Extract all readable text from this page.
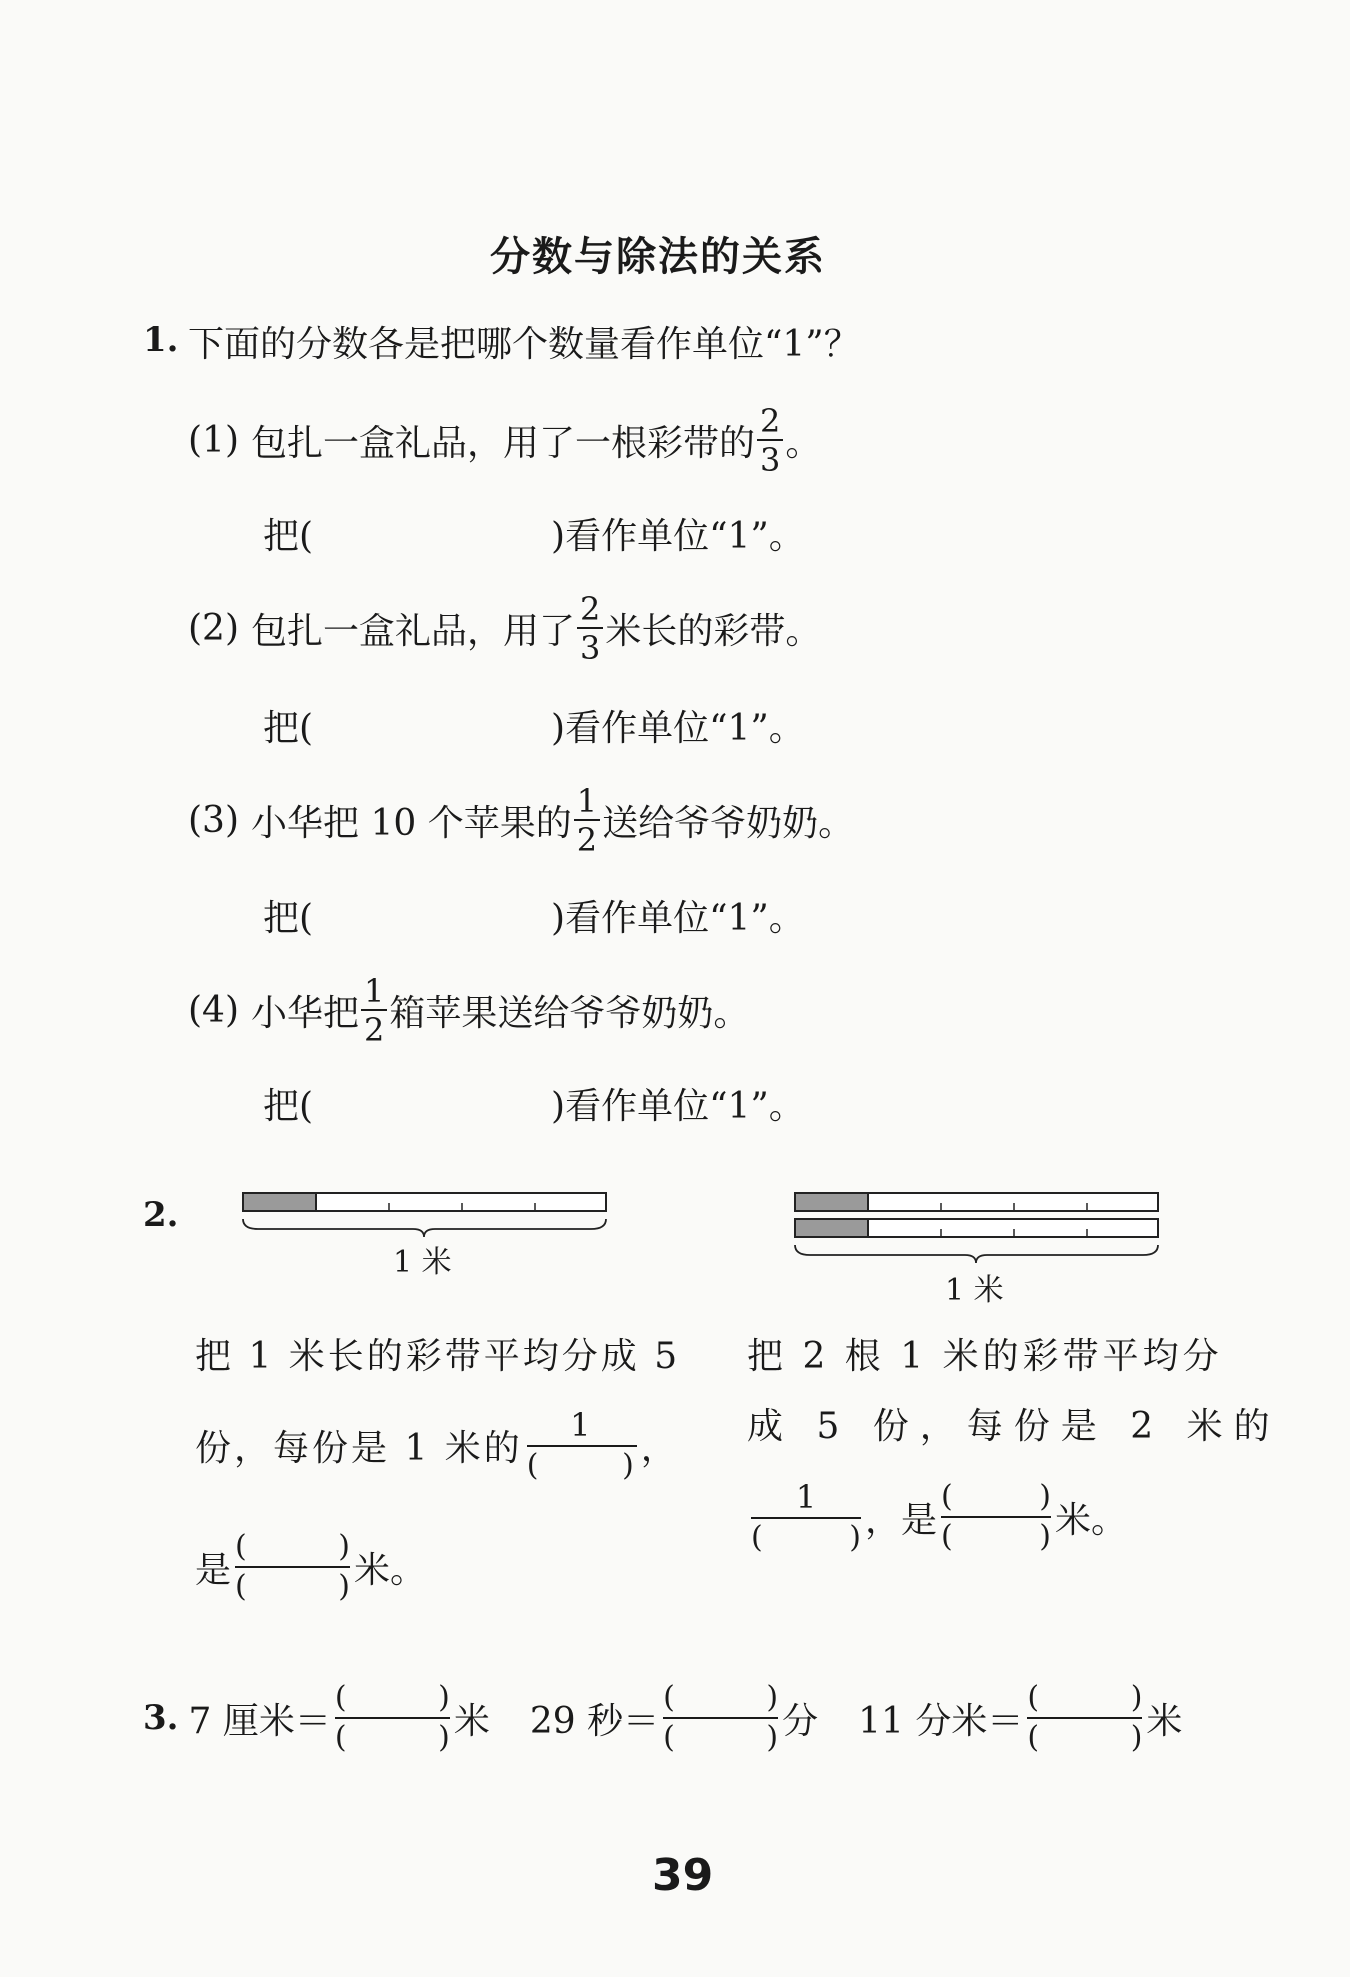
分数与除法的关系
1. 下面的分数各是把哪个数量看作单位“1”？
(1) 包扎一盒礼品，用了一根彩带的 $\frac{2}{3}$ 。
把(	)看作单位“1”。
(2) 包扎一盒礼品，用了 $\frac{2}{3}$ 米长的彩带。
把(	)看作单位“1”。
(3) 小华把 10 个苹果的 $\frac{1}{2}$ 送给爷爷奶奶。
把(	)看作单位“1”。
(4) 小华把 $\frac{1}{2}$ 箱苹果送给爷爷奶奶。
把(	)看作单位“1”。
2.
1 米
1 米
把 1 米长的彩带平均分成 5
份，每份是 1 米的 1
(	) ，
是 (	)
(	) 米。
把 2 根 1 米的彩带平均分
成 5 份，每份是 2 米的
1
(	) ，是 (	)
(	) 米。
3. 7 厘米＝ (	)
(	) 米 29 秒＝ (	)
(	) 分 11 分米＝ (	)
(	) 米
39
